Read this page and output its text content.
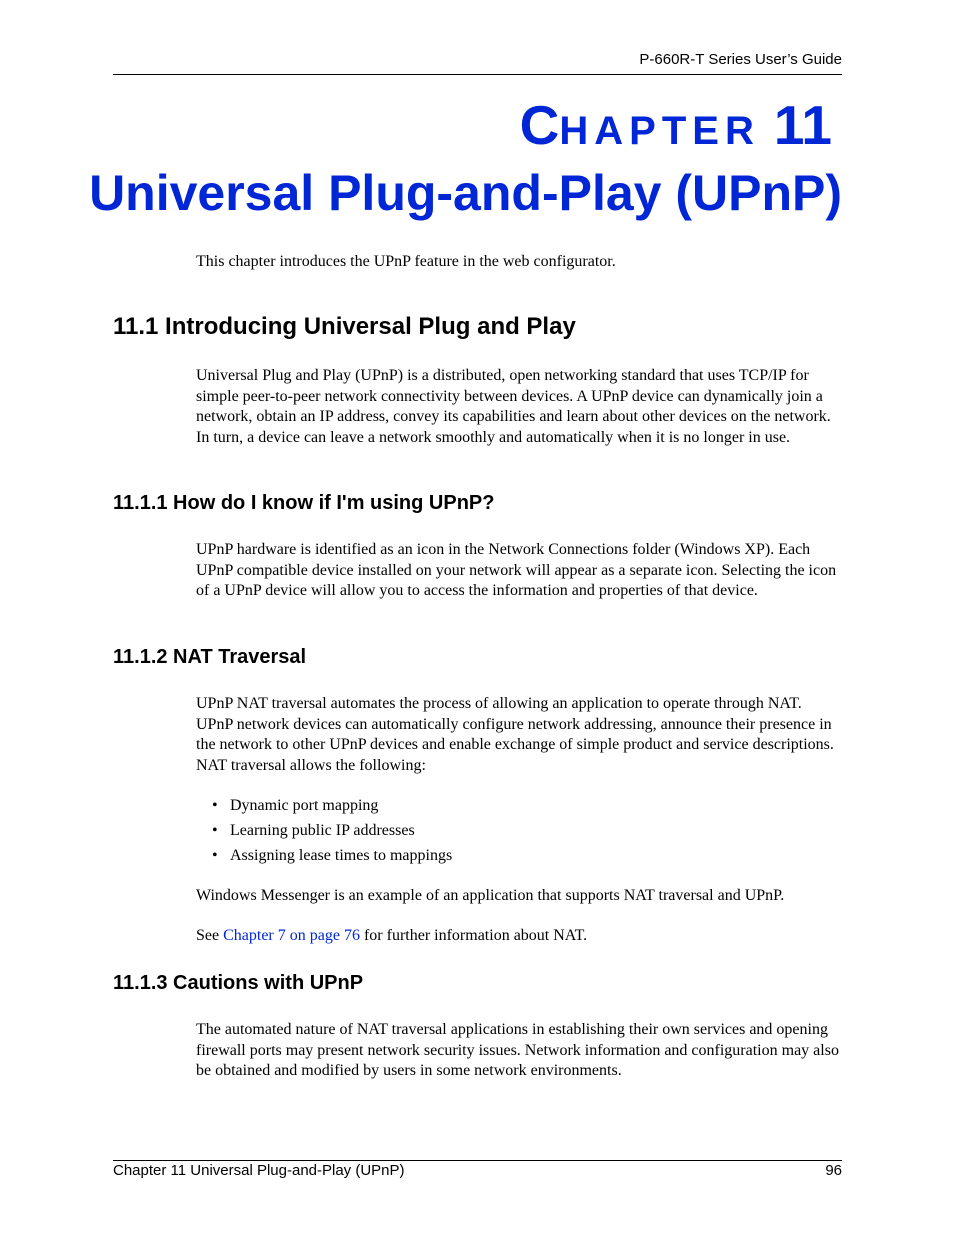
P-660R-T Series User’s Guide
CHAPTER 11
Universal Plug-and-Play (UPnP)
This chapter introduces the UPnP feature in the web configurator.
11.1 Introducing Universal Plug and Play
Universal Plug and Play (UPnP) is a distributed, open networking standard that uses TCP/IP for simple peer-to-peer network connectivity between devices. A UPnP device can dynamically join a network, obtain an IP address, convey its capabilities and learn about other devices on the network. In turn, a device can leave a network smoothly and automatically when it is no longer in use.
11.1.1 How do I know if I'm using UPnP?
UPnP hardware is identified as an icon in the Network Connections folder (Windows XP). Each UPnP compatible device installed on your network will appear as a separate icon. Selecting the icon of a UPnP device will allow you to access the information and properties of that device.
11.1.2 NAT Traversal
UPnP NAT traversal automates the process of allowing an application to operate through NAT. UPnP network devices can automatically configure network addressing, announce their presence in the network to other UPnP devices and enable exchange of simple product and service descriptions. NAT traversal allows the following:
• Dynamic port mapping
• Learning public IP addresses
• Assigning lease times to mappings
Windows Messenger is an example of an application that supports NAT traversal and UPnP.
See Chapter 7 on page 76 for further information about NAT.
11.1.3 Cautions with UPnP
The automated nature of NAT traversal applications in establishing their own services and opening firewall ports may present network security issues. Network information and configuration may also be obtained and modified by users in some network environments.
Chapter 11 Universal Plug-and-Play (UPnP)	96
